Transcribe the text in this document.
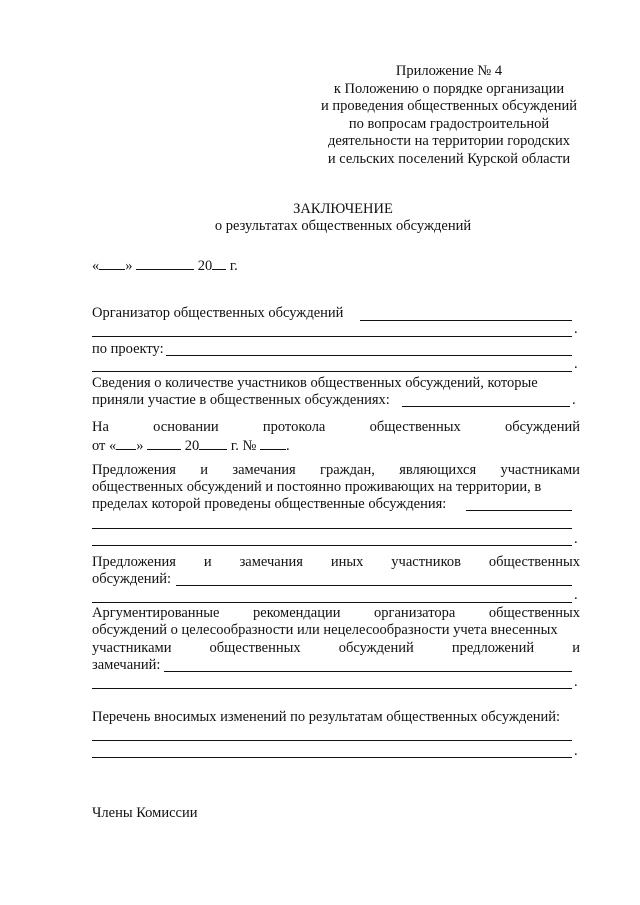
Приложение № 4
к Положению о порядке организации
и проведения общественных обсуждений
по вопросам градостроительной
деятельности на территории городских
и сельских поселений Курской области
ЗАКЛЮЧЕНИЕ
о результатах общественных обсуждений
« »	20 г.
Организатор общественных обсуждений
.
по проекту:
.
Сведения о количестве участников общественных обсуждений, которые
приняли участие в общественных обсуждениях:	.
На	основании	протокола	общественных	обсуждений
от « »	20 г. № .
Предложения и замечания граждан, являющихся участниками
общественных обсуждений и постоянно проживающих на территории, в
пределах которой проведены общественные обсуждения:
.
Предложения и замечания иных участников общественных
обсуждений:
.
Аргументированные рекомендации организатора общественных
обсуждений о целесообразности или нецелесообразности учета внесенных
участниками	общественных	обсуждений	предложений	и
замечаний:
.
Перечень вносимых изменений по результатам общественных обсуждений:
.
Члены Комиссии
